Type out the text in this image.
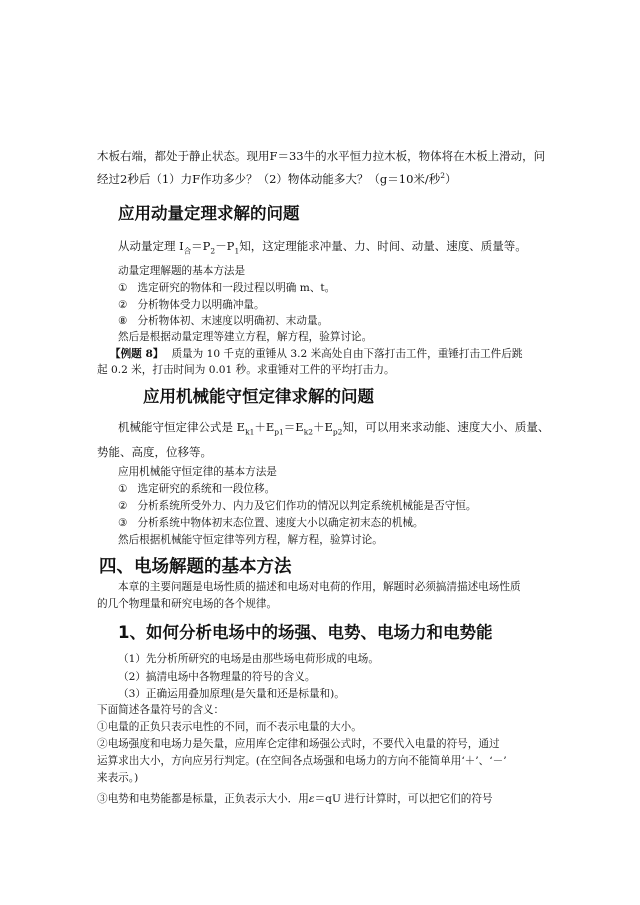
木板右端，都处于静止状态。现用F＝33牛的水平恒力拉木板，物体将在木板上滑动，问
经过2秒后（1）力F作功多少？（2）物体动能多大？（g＝10米/秒$^2$）
应用动量定理求解的问题
从动量定理 $I_合=P_2-P_1$知，这定理能求冲量、力、时间、动量、速度、质量等。
动量定理解题的基本方法是
① 选定研究的物体和一段过程以明确 m、t。
② 分析物体受力以明确冲量。
⑧ 分析物体初、末速度以明确初、末动量。
然后是根据动量定理等建立方程，解方程，验算讨论。
【例题 8】 质量为 10 千克的重锤从 3.2 米高处自由下落打击工件，重锤打击工件后跳
起 0.2 米，打击时间为 0.01 秒。求重锤对工件的平均打击力。
应用机械能守恒定律求解的问题
机械能守恒定律公式是 $E_{k1}+E_{p1}=E_{k2}+E_{p2}$知，可以用来求动能、速度大小、质量、
势能、高度，位移等。
应用机械能守恒定律的基本方法是
① 选定研究的系统和一段位移。
② 分析系统所受外力、内力及它们作功的情况以判定系统机械能是否守恒。
③ 分析系统中物体初末态位置、速度大小以确定初末态的机械。
然后根据机械能守恒定律等列方程，解方程，验算讨论。
四、电场解题的基本方法
本章的主要问题是电场性质的描述和电场对电荷的作用，解题时必须搞清描述电场性质
的几个物理量和研究电场的各个规律。
1、如何分析电场中的场强、电势、电场力和电势能
（1）先分析所研究的电场是由那些场电荷形成的电场。
（2）搞清电场中各物理量的符号的含义。
（3）正确运用叠加原理(是矢量和还是标量和)。
下面简述各量符号的含义：
①电量的正负只表示电性的不同，而不表示电量的大小。
②电场强度和电场力是矢量，应用库仑定律和场强公式时，不要代入电量的符号，通过
运算求出大小，方向应另行判定。(在空间各点场强和电场力的方向不能简单用‘＋’、‘－’
来表示。)
③电势和电势能都是标量，正负表示大小．用ε＝qU 进行计算时，可以把它们的符号
